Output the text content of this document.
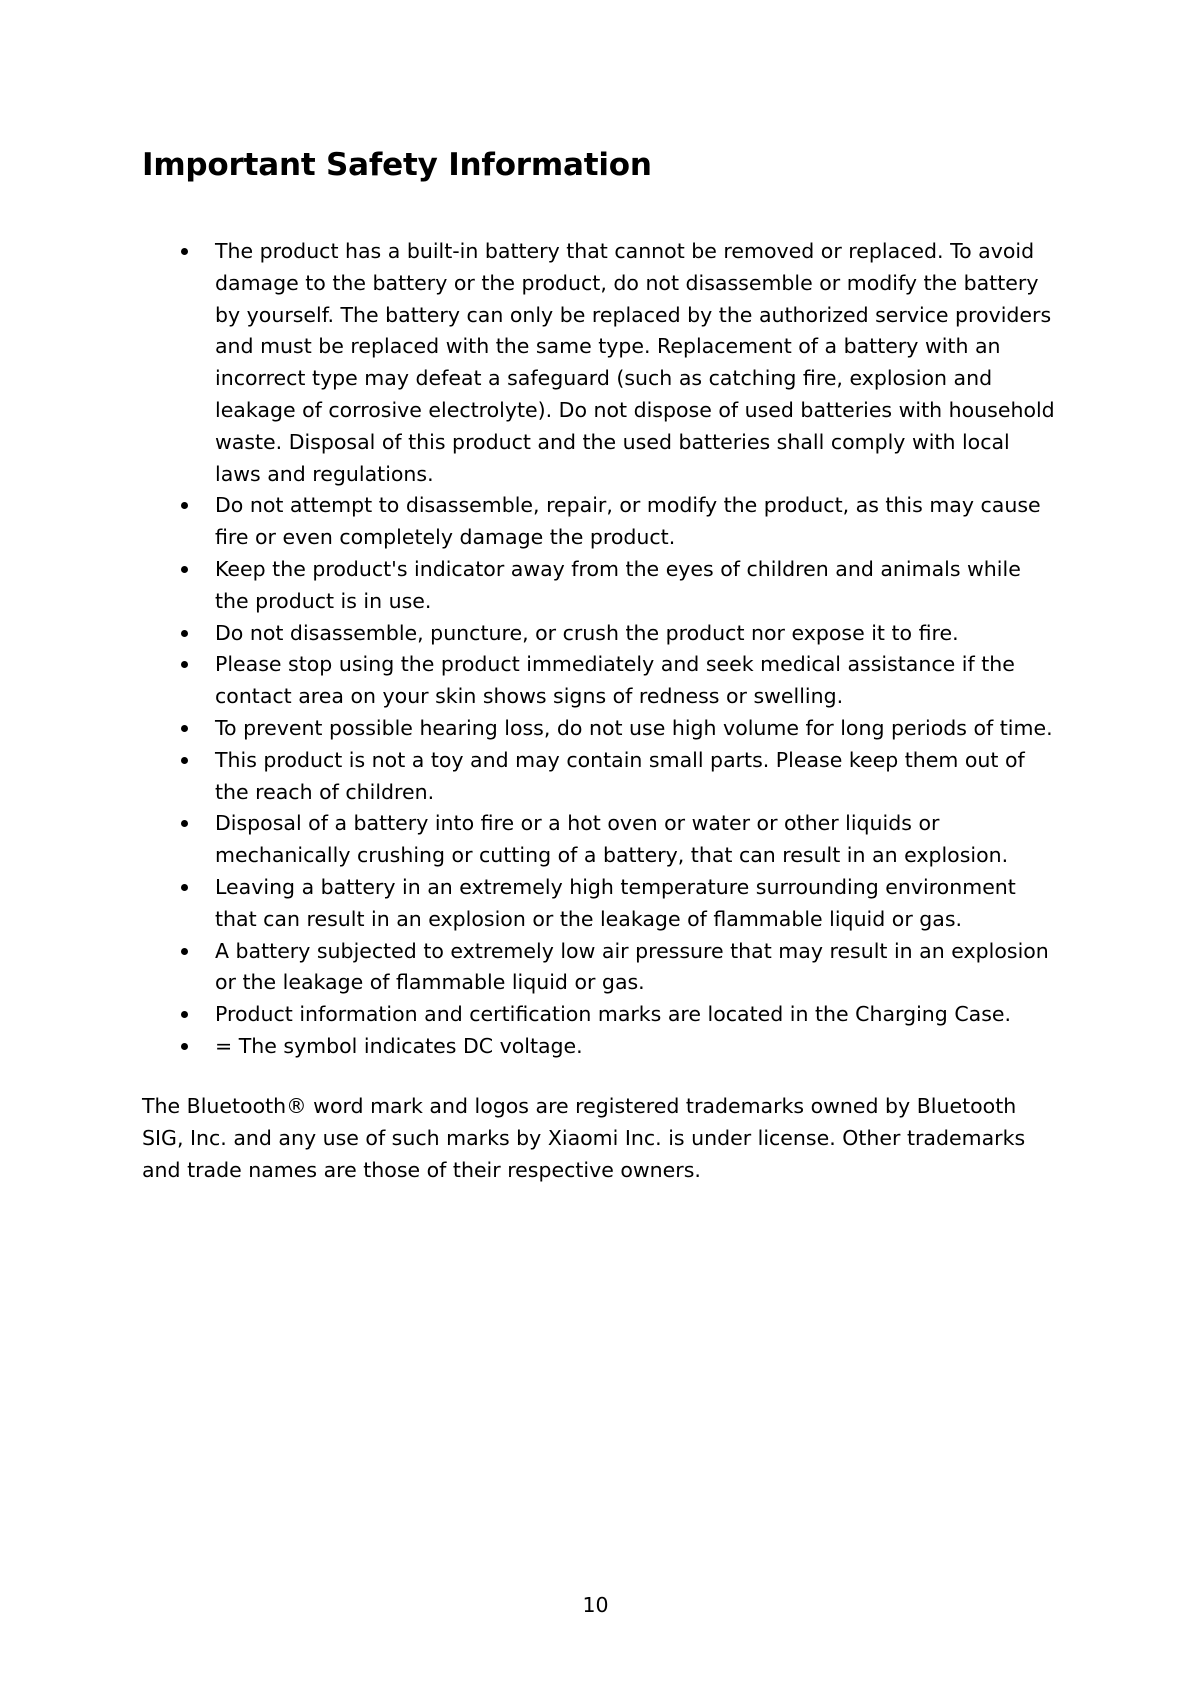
Important Safety Information
The product has a built-in battery that cannot be removed or replaced. To avoid damage to the battery or the product, do not disassemble or modify the battery by yourself. The battery can only be replaced by the authorized service providers and must be replaced with the same type. Replacement of a battery with an incorrect type may defeat a safeguard (such as catching fire, explosion and leakage of corrosive electrolyte). Do not dispose of used batteries with household waste. Disposal of this product and the used batteries shall comply with local laws and regulations.
Do not attempt to disassemble, repair, or modify the product, as this may cause fire or even completely damage the product.
Keep the product's indicator away from the eyes of children and animals while the product is in use.
Do not disassemble, puncture, or crush the product nor expose it to fire.
Please stop using the product immediately and seek medical assistance if the contact area on your skin shows signs of redness or swelling.
To prevent possible hearing loss, do not use high volume for long periods of time.
This product is not a toy and may contain small parts. Please keep them out of the reach of children.
Disposal of a battery into fire or a hot oven or water or other liquids or mechanically crushing or cutting of a battery, that can result in an explosion.
Leaving a battery in an extremely high temperature surrounding environment that can result in an explosion or the leakage of flammable liquid or gas.
A battery subjected to extremely low air pressure that may result in an explosion or the leakage of flammable liquid or gas.
Product information and certification marks are located in the Charging Case.
= The symbol indicates DC voltage.

The Bluetooth® word mark and logos are registered trademarks owned by Bluetooth SIG, Inc. and any use of such marks by Xiaomi Inc. is under license. Other trademarks and trade names are those of their respective owners.

10
